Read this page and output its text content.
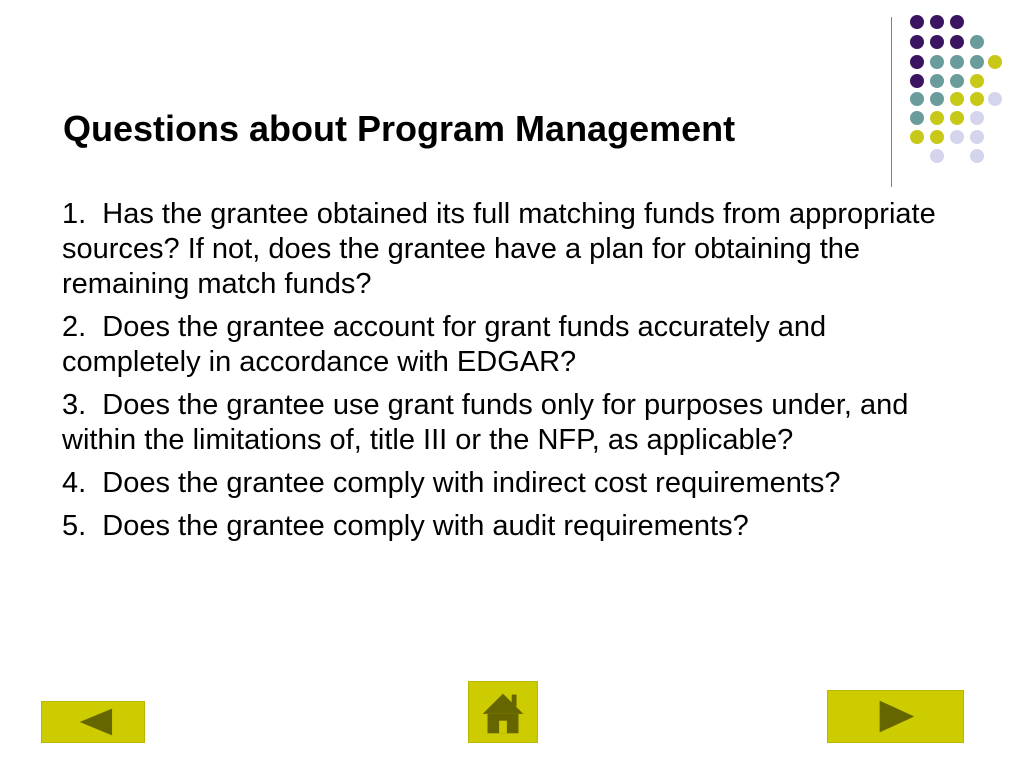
Questions about Program Management
1.  Has the grantee obtained its full matching funds from appropriate sources? If not, does the grantee have a plan for obtaining the remaining match funds?
2.  Does the grantee account for grant funds accurately and completely in accordance with EDGAR?
3.  Does the grantee use grant funds only for purposes under, and within the limitations of, title III or the NFP, as applicable?
4.  Does the grantee comply with indirect cost requirements?
5.  Does the grantee comply with audit requirements?
